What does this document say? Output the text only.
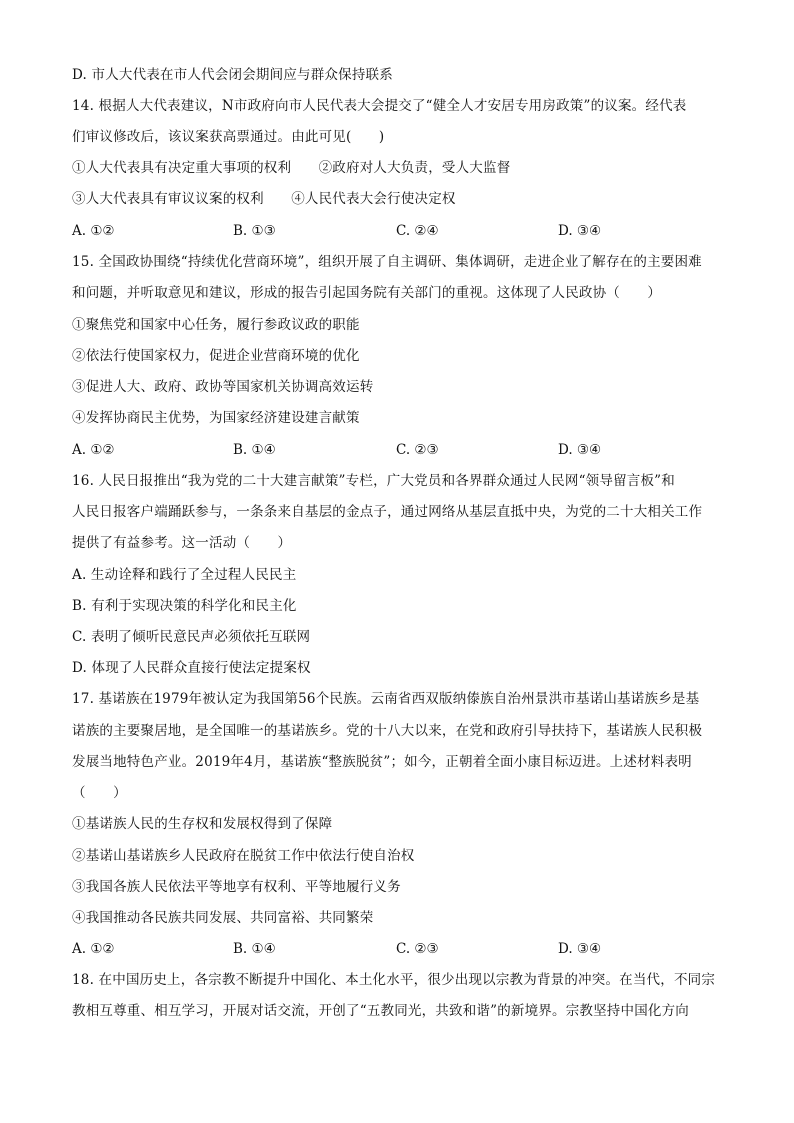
D. 市人大代表在市人代会闭会期间应与群众保持联系
14. 根据人大代表建议，N市政府向市人民代表大会提交了“健全人才安居专用房政策”的议案。经代表
们审议修改后，该议案获高票通过。由此可见(　　)
①人大代表具有决定重大事项的权利　　②政府对人大负责，受人大监督
③人大代表具有审议议案的权利　　④人民代表大会行使决定权
A. ①②	B. ①③	C. ②④	D. ③④
15. 全国政协围绕“持续优化营商环境”，组织开展了自主调研、集体调研，走进企业了解存在的主要困难
和问题，并听取意见和建议，形成的报告引起国务院有关部门的重视。这体现了人民政协（　　）
①聚焦党和国家中心任务，履行参政议政的职能
②依法行使国家权力，促进企业营商环境的优化
③促进人大、政府、政协等国家机关协调高效运转
④发挥协商民主优势，为国家经济建设建言献策
A. ①②	B. ①④	C. ②③	D. ③④
16. 人民日报推出“我为党的二十大建言献策”专栏，广大党员和各界群众通过人民网“领导留言板”和
人民日报客户端踊跃参与，一条条来自基层的金点子，通过网络从基层直抵中央，为党的二十大相关工作
提供了有益参考。这一活动（　　）
A. 生动诠释和践行了全过程人民民主
B. 有利于实现决策的科学化和民主化
C. 表明了倾听民意民声必须依托互联网
D. 体现了人民群众直接行使法定提案权
17. 基诺族在1979年被认定为我国第56个民族。云南省西双版纳傣族自治州景洪市基诺山基诺族乡是基
诺族的主要聚居地，是全国唯一的基诺族乡。党的十八大以来，在党和政府引导扶持下，基诺族人民积极
发展当地特色产业。2019年4月，基诺族“整族脱贫”；如今，正朝着全面小康目标迈进。上述材料表明
（　　）
①基诺族人民的生存权和发展权得到了保障
②基诺山基诺族乡人民政府在脱贫工作中依法行使自治权
③我国各族人民依法平等地享有权利、平等地履行义务
④我国推动各民族共同发展、共同富裕、共同繁荣
A. ①②	B. ①④	C. ②③	D. ③④
18. 在中国历史上，各宗教不断提升中国化、本土化水平，很少出现以宗教为背景的冲突。在当代，不同宗
教相互尊重、相互学习，开展对话交流，开创了“五教同光，共致和谐”的新境界。宗教坚持中国化方向
